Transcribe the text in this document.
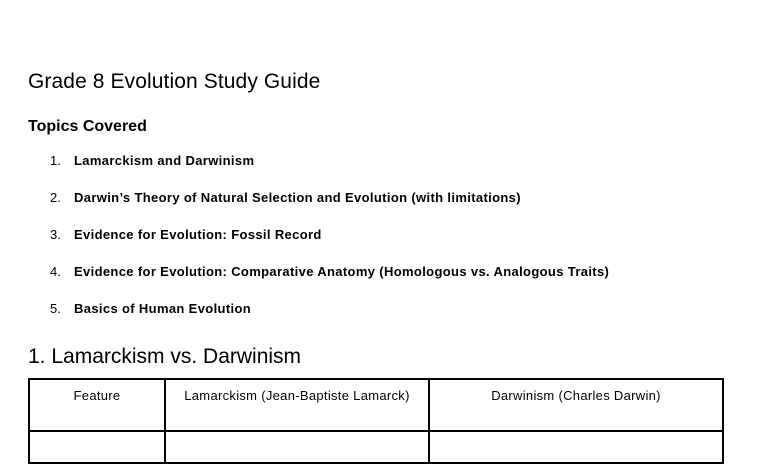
Grade 8 Evolution Study Guide
Topics Covered
1. Lamarckism and Darwinism
2. Darwin’s Theory of Natural Selection and Evolution (with limitations)
3. Evidence for Evolution: Fossil Record
4. Evidence for Evolution: Comparative Anatomy (Homologous vs. Analogous Traits)
5. Basics of Human Evolution
1. Lamarckism vs. Darwinism
Feature	Lamarckism (Jean-Baptiste Lamarck)	Darwinism (Charles Darwin)
